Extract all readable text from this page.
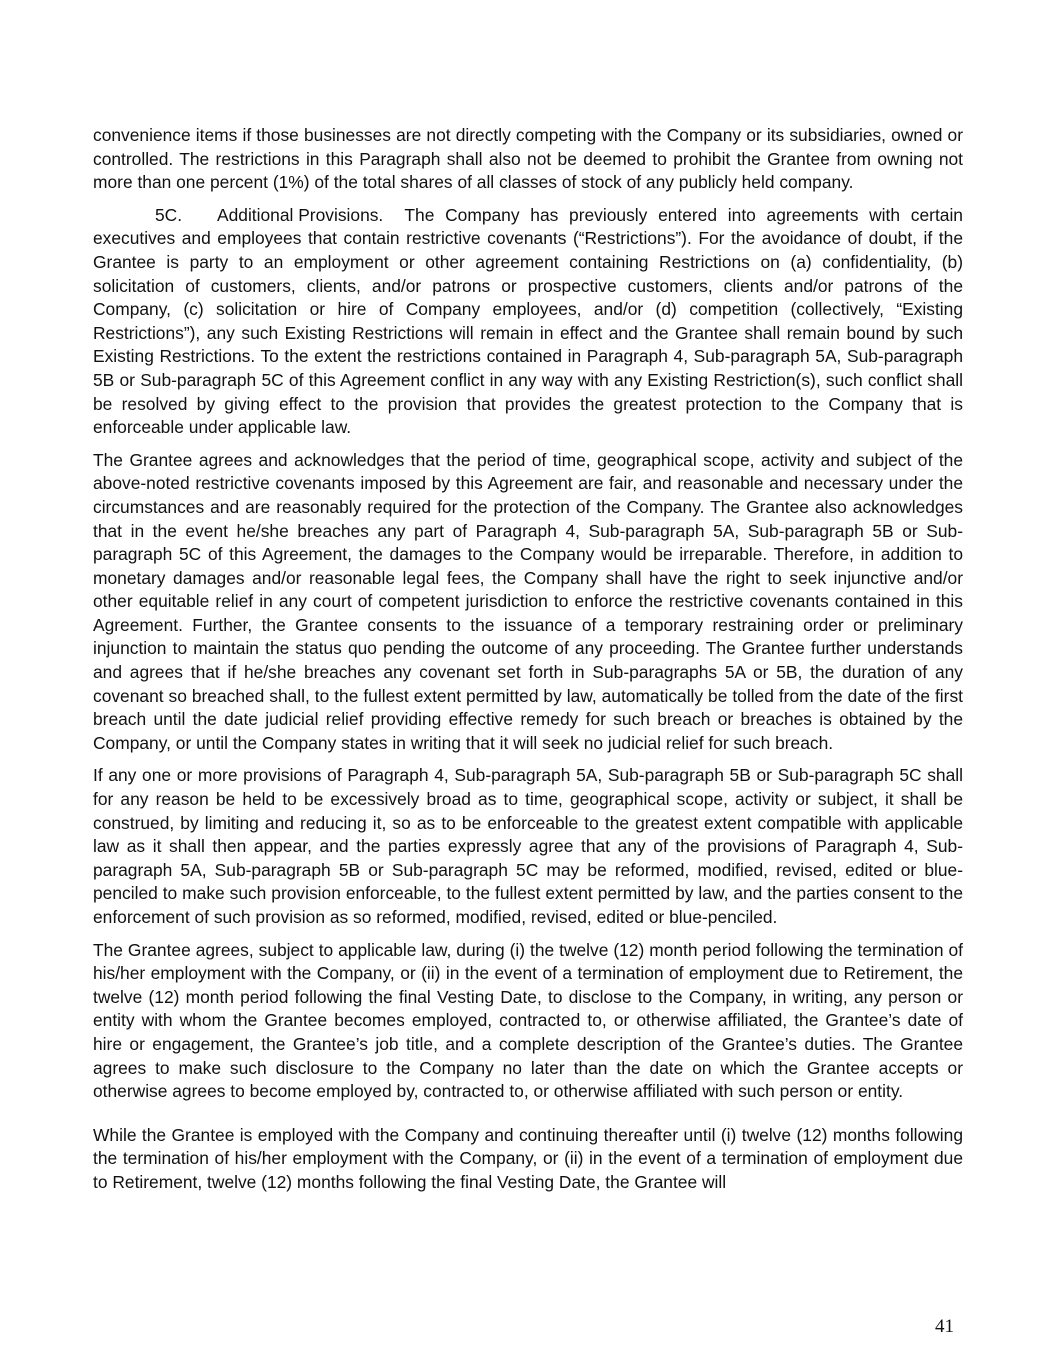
convenience items if those businesses are not directly competing with the Company or its subsidiaries, owned or controlled. The restrictions in this Paragraph shall also not be deemed to prohibit the Grantee from owning not more than one percent (1%) of the total shares of all classes of stock of any publicly held company.

5C. Additional Provisions. The Company has previously entered into agreements with certain executives and employees that contain restrictive covenants (“Restrictions”). For the avoidance of doubt, if the Grantee is party to an employment or other agreement containing Restrictions on (a) confidentiality, (b) solicitation of customers, clients, and/or patrons or prospective customers, clients and/or patrons of the Company, (c) solicitation or hire of Company employees, and/or (d) competition (collectively, “Existing Restrictions”), any such Existing Restrictions will remain in effect and the Grantee shall remain bound by such Existing Restrictions. To the extent the restrictions contained in Paragraph 4, Sub-paragraph 5A, Sub-paragraph 5B or Sub-paragraph 5C of this Agreement conflict in any way with any Existing Restriction(s), such conflict shall be resolved by giving effect to the provision that provides the greatest protection to the Company that is enforceable under applicable law.

The Grantee agrees and acknowledges that the period of time, geographical scope, activity and subject of the above-noted restrictive covenants imposed by this Agreement are fair, and reasonable and necessary under the circumstances and are reasonably required for the protection of the Company. The Grantee also acknowledges that in the event he/she breaches any part of Paragraph 4, Sub-paragraph 5A, Sub-paragraph 5B or Sub-paragraph 5C of this Agreement, the damages to the Company would be irreparable. Therefore, in addition to monetary damages and/or reasonable legal fees, the Company shall have the right to seek injunctive and/or other equitable relief in any court of competent jurisdiction to enforce the restrictive covenants contained in this Agreement. Further, the Grantee consents to the issuance of a temporary restraining order or preliminary injunction to maintain the status quo pending the outcome of any proceeding. The Grantee further understands and agrees that if he/she breaches any covenant set forth in Sub-paragraphs 5A or 5B, the duration of any covenant so breached shall, to the fullest extent permitted by law, automatically be tolled from the date of the first breach until the date judicial relief providing effective remedy for such breach or breaches is obtained by the Company, or until the Company states in writing that it will seek no judicial relief for such breach.

If any one or more provisions of Paragraph 4, Sub-paragraph 5A, Sub-paragraph 5B or Sub-paragraph 5C shall for any reason be held to be excessively broad as to time, geographical scope, activity or subject, it shall be construed, by limiting and reducing it, so as to be enforceable to the greatest extent compatible with applicable law as it shall then appear, and the parties expressly agree that any of the provisions of Paragraph 4, Sub-paragraph 5A, Sub-paragraph 5B or Sub-paragraph 5C may be reformed, modified, revised, edited or blue-penciled to make such provision enforceable, to the fullest extent permitted by law, and the parties consent to the enforcement of such provision as so reformed, modified, revised, edited or blue-penciled.

The Grantee agrees, subject to applicable law, during (i) the twelve (12) month period following the termination of his/her employment with the Company, or (ii) in the event of a termination of employment due to Retirement, the twelve (12) month period following the final Vesting Date, to disclose to the Company, in writing, any person or entity with whom the Grantee becomes employed, contracted to, or otherwise affiliated, the Grantee’s date of hire or engagement, the Grantee’s job title, and a complete description of the Grantee’s duties. The Grantee agrees to make such disclosure to the Company no later than the date on which the Grantee accepts or otherwise agrees to become employed by, contracted to, or otherwise affiliated with such person or entity.

While the Grantee is employed with the Company and continuing thereafter until (i) twelve (12) months following the termination of his/her employment with the Company, or (ii) in the event of a termination of employment due to Retirement, twelve (12) months following the final Vesting Date, the Grantee will

41
